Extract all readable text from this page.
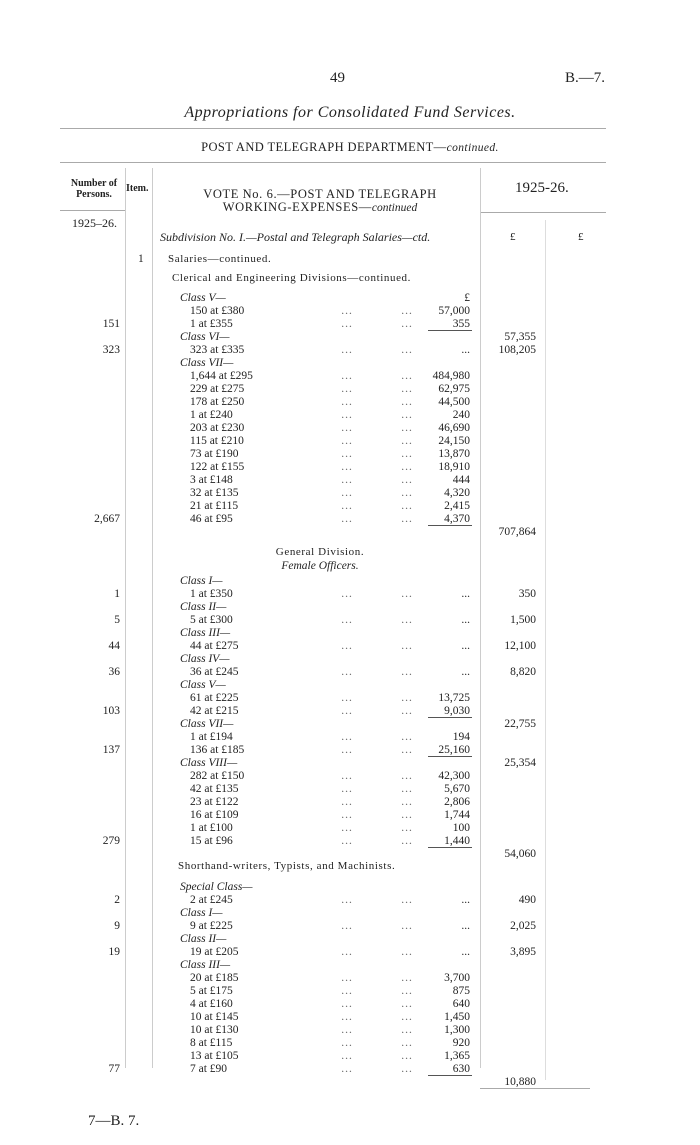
49	B.—7.
Appropriations for Consolidated Fund Services.
POST AND TELEGRAPH DEPARTMENT—continued.
Number of Persons.
Item.	VOTE No. 6.—POST AND TELEGRAPH
WORKING-EXPENSES—continued
1925-26.
1925–26.
£	£
Subdivision No. I.—Postal and Telegraph Salaries—ctd.
1 Salaries—continued.
Clerical and Engineering Divisions—continued.
Class V—	£
150 at £380	...	...	57,000
151	1 at £355	...	...	355
Class VI—	57,355
323	323 at £335	...	...	...	108,205
Class VII—
1,644 at £295	...	...	484,980
229 at £275	...	...	62,975
178 at £250	...	...	44,500
1 at £240	...	...	240
203 at £230	...	...	46,690
115 at £210	...	...	24,150
73 at £190	...	...	13,870
122 at £155	...	...	18,910
3 at £148	...	...	444
32 at £135	...	...	4,320
21 at £115	...	...	2,415
2,667	46 at £95	...	...	4,370
707,864
Class I—
1	1 at £350	...	...	...	350
Class II—
5	5 at £300	...	...	...	1,500
Class III—
44	44 at £275	...	...	...	12,100
Class IV—
36	36 at £245	...	...	...	8,820
Class V—
61 at £225	...	...	13,725
103	42 at £215	...	...	9,030
Class VII—	22,755
1 at £194	...	...	194
137	136 at £185	...	...	25,160
Class VIII—	25,354
282 at £150	...	...	42,300
42 at £135	...	...	5,670
23 at £122	...	...	2,806
16 at £109	...	...	1,744
1 at £100	...	...	100
279	15 at £96	...	...	1,440
54,060
Special Class—
2	2 at £245	...	...	...	490
Class I—
9	9 at £225	...	...	...	2,025
Class II—
19	19 at £205	...	...	...	3,895
Class III—
20 at £185	...	...	3,700
5 at £175	...	...	875
4 at £160	...	...	640
10 at £145	...	...	1,450
10 at £130	...	...	1,300
8 at £115	...	...	920
13 at £105	...	...	1,365
77	7 at £90	...	...	630
10,880
General Division.
Female Officers.
Shorthand-writers, Typists, and Machinists.
7—B. 7.
